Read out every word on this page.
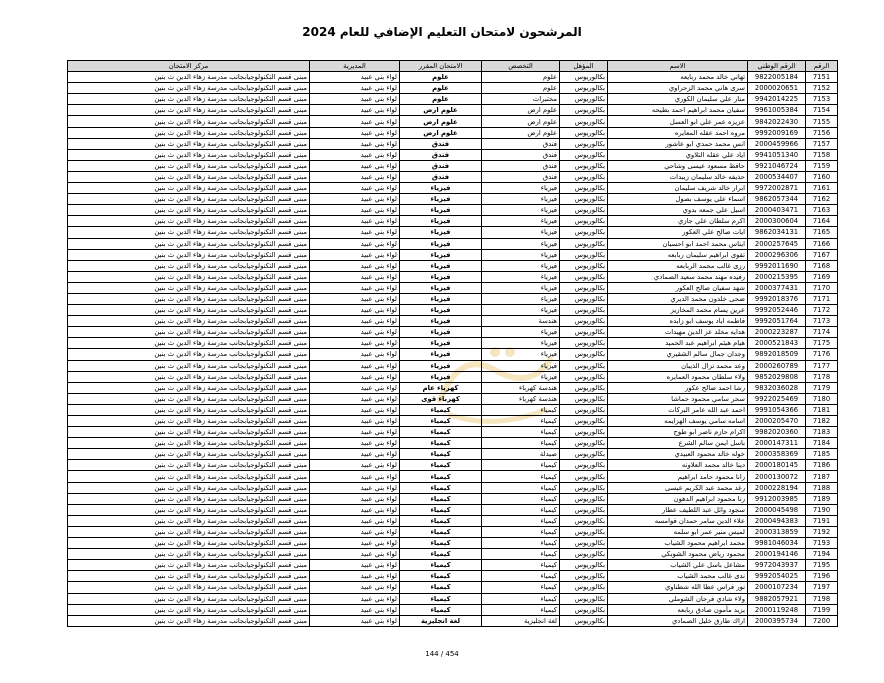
المرشحون لامتحان التعليم الإضافي للعام 2024
الرقم	الرقم الوطني	الاسم	المؤهل	التخصص	الامتحان المقرر	المديرية	مركز الامتحان
7151	9822005184	تهاني خالد محمد ربايعه	بكالوريوس	علوم	علوم	لواء بني عبيد	مبنى قسم التكنولوجيابجانب مدرسة زهاء الدين ث بنين
7152	2000020651	سرى هاني محمد الزحراوي	بكالوريوس	علوم	علوم	لواء بني عبيد	مبنى قسم التكنولوجيابجانب مدرسة زهاء الدين ث بنين
7153	9942014225	منار علي سليمان الكوري	بكالوريوس	مختبرات	علوم	لواء بني عبيد	مبنى قسم التكنولوجيابجانب مدرسة زهاء الدين ث بنين
7154	9961005384	سفيان محمد ابراهيم احمد بطيحه	بكالوريوس	علوم ارض	علوم ارض	لواء بني عبيد	مبنى قسم التكنولوجيابجانب مدرسة زهاء الدين ث بنين
7155	9842022430	عزيزه عمر علي ابو العسل	بكالوريوس	علوم ارض	علوم ارض	لواء بني عبيد	مبنى قسم التكنولوجيابجانب مدرسة زهاء الدين ث بنين
7156	9992009169	مروه احمد عقله المعايره	بكالوريوس	علوم ارض	علوم ارض	لواء بني عبيد	مبنى قسم التكنولوجيابجانب مدرسة زهاء الدين ث بنين
7157	2000459966	انس محمد حمدي ابو عاشور	بكالوريوس	فندق	فندق	لواء بني عبيد	مبنى قسم التكنولوجيابجانب مدرسة زهاء الدين ث بنين
7158	9941051340	اياد علي عقله التلاوي	بكالوريوس	فندق	فندق	لواء بني عبيد	مبنى قسم التكنولوجيابجانب مدرسة زهاء الدين ث بنين
7159	9921046724	حافظ مسعود عيسى وشاحي	بكالوريوس	فندق	فندق	لواء بني عبيد	مبنى قسم التكنولوجيابجانب مدرسة زهاء الدين ث بنين
7160	2000534407	حذيفه خالد سليمان زيبدات	بكالوريوس	فندق	فندق	لواء بني عبيد	مبنى قسم التكنولوجيابجانب مدرسة زهاء الدين ث بنين
7161	9972002871	ابرار خالد شريف سليمان	بكالوريوس	فيزياء	فيزياء	لواء بني عبيد	مبنى قسم التكنولوجيابجانب مدرسة زهاء الدين ث بنين
7162	9862057344	اسماء علي يوسف بصول	بكالوريوس	فيزياء	فيزياء	لواء بني عبيد	مبنى قسم التكنولوجيابجانب مدرسة زهاء الدين ث بنين
7163	2000403471	اسيل علي جمعه بدوي	بكالوريوس	فيزياء	فيزياء	لواء بني عبيد	مبنى قسم التكنولوجيابجانب مدرسة زهاء الدين ث بنين
7164	2000300604	اكرم سلطان علي جازي	بكالوريوس	فيزياء	فيزياء	لواء بني عبيد	مبنى قسم التكنولوجيابجانب مدرسة زهاء الدين ث بنين
7165	9862034131	ايات صالح علي العكور	بكالوريوس	فيزياء	فيزياء	لواء بني عبيد	مبنى قسم التكنولوجيابجانب مدرسة زهاء الدين ث بنين
7166	2000257645	ايناس محمد احمد ابو احسيان	بكالوريوس	فيزياء	فيزياء	لواء بني عبيد	مبنى قسم التكنولوجيابجانب مدرسة زهاء الدين ث بنين
7167	2000296306	تقوى ابراهيم سليمان ربابعه	بكالوريوس	فيزياء	فيزياء	لواء بني عبيد	مبنى قسم التكنولوجيابجانب مدرسة زهاء الدين ث بنين
7168	9992011690	رزى غالب محمد الربابعه	بكالوريوس	فيزياء	فيزياء	لواء بني عبيد	مبنى قسم التكنولوجيابجانب مدرسة زهاء الدين ث بنين
7169	2000215395	رفيده مهند محمد سعيد الصمادي	بكالوريوس	فيزياء	فيزياء	لواء بني عبيد	مبنى قسم التكنولوجيابجانب مدرسة زهاء الدين ث بنين
7170	2000377431	شهد سفيان صالح العكور	بكالوريوس	فيزياء	فيزياء	لواء بني عبيد	مبنى قسم التكنولوجيابجانب مدرسة زهاء الدين ث بنين
7171	9992018376	ضحى خلدون محمد الديري	بكالوريوس	فيزياء	فيزياء	لواء بني عبيد	مبنى قسم التكنولوجيابجانب مدرسة زهاء الدين ث بنين
7172	9992052446	عرين يسام محمد المخازيز	بكالوريوس	فيزياء	فيزياء	لواء بني عبيد	مبنى قسم التكنولوجيابجانب مدرسة زهاء الدين ث بنين
7173	9992051764	فاطمه اياد يوسف ابو زابده	بكالوريوس	هندسة	فيزياء	لواء بني عبيد	مبنى قسم التكنولوجيابجانب مدرسة زهاء الدين ث بنين
7174	2000223287	هدايه مخلد عز الدين مهيدات	بكالوريوس	فيزياء	فيزياء	لواء بني عبيد	مبنى قسم التكنولوجيابجانب مدرسة زهاء الدين ث بنين
7175	2000521843	هيام هيثم ابراهيم عبد الحميد	بكالوريوس	فيزياء	فيزياء	لواء بني عبيد	مبنى قسم التكنولوجيابجانب مدرسة زهاء الدين ث بنين
7176	9892018509	وجدان جمال سالم الشقيري	بكالوريوس	فيزياء	فيزياء	لواء بني عبيد	مبنى قسم التكنولوجيابجانب مدرسة زهاء الدين ث بنين
7177	2000260789	وعد محمد نزال الذيبان	بكالوريوس	فيزياء	فيزياء	لواء بني عبيد	مبنى قسم التكنولوجيابجانب مدرسة زهاء الدين ث بنين
7178	9852029808	ولاء سلطان محمود العمايره	بكالوريوس	فيزياء	فيزياء	لواء بني عبيد	مبنى قسم التكنولوجيابجانب مدرسة زهاء الدين ث بنين
7179	9832036028	رشا احمد صالح عكور	بكالوريوس	هندسة كهرباء	كهرباء عام	لواء بني عبيد	مبنى قسم التكنولوجيابجانب مدرسة زهاء الدين ث بنين
7180	9922025469	سحر سامي محمود حماشا	بكالوريوس	هندسة كهرباء	كهرباء قوى	لواء بني عبيد	مبنى قسم التكنولوجيابجانب مدرسة زهاء الدين ث بنين
7181	9991054366	احمد عبد الله عامر البركات	بكالوريوس	كيمياء	كيمياء	لواء بني عبيد	مبنى قسم التكنولوجيابجانب مدرسة زهاء الدين ث بنين
7182	2000205470	اسامه سامي يوسف الهزايمه	بكالوريوس	كيمياء	كيمياء	لواء بني عبيد	مبنى قسم التكنولوجيابجانب مدرسة زهاء الدين ث بنين
7183	9982020360	اكرام حازم ناصر ابو طوح	بكالوريوس	كيمياء	كيمياء	لواء بني عبيد	مبنى قسم التكنولوجيابجانب مدرسة زهاء الدين ث بنين
7184	2000147311	باسل ايمن سالم الشرع	بكالوريوس	كيمياء	كيمياء	لواء بني عبيد	مبنى قسم التكنولوجيابجانب مدرسة زهاء الدين ث بنين
7185	2000358369	خوله خالد محمود العبيدي	بكالوريوس	صيدلة	كيمياء	لواء بني عبيد	مبنى قسم التكنولوجيابجانب مدرسة زهاء الدين ث بنين
7186	2000180145	دينا خالد محمد العلاونه	بكالوريوس	كيمياء	كيمياء	لواء بني عبيد	مبنى قسم التكنولوجيابجانب مدرسة زهاء الدين ث بنين
7187	2000130072	رانا محمود حامد ابراهيم	بكالوريوس	كيمياء	كيمياء	لواء بني عبيد	مبنى قسم التكنولوجيابجانب مدرسة زهاء الدين ث بنين
7188	2000228194	رغد محمد عبد الكريم عيسى	بكالوريوس	كيمياء	كيمياء	لواء بني عبيد	مبنى قسم التكنولوجيابجانب مدرسة زهاء الدين ث بنين
7189	9912003985	رنا محمود ابراهيم الدهون	بكالوريوس	كيمياء	كيمياء	لواء بني عبيد	مبنى قسم التكنولوجيابجانب مدرسة زهاء الدين ث بنين
7190	2000045498	سجود وائل عبد اللطيف عطار	بكالوريوس	كيمياء	كيمياء	لواء بني عبيد	مبنى قسم التكنولوجيابجانب مدرسة زهاء الدين ث بنين
7191	2000494383	علاء الدين سامر حمدان قوامسه	بكالوريوس	كيمياء	كيمياء	لواء بني عبيد	مبنى قسم التكنولوجيابجانب مدرسة زهاء الدين ث بنين
7192	2000313859	لميس منير عمر ابو سلمه	بكالوريوس	كيمياء	كيمياء	لواء بني عبيد	مبنى قسم التكنولوجيابجانب مدرسة زهاء الدين ث بنين
7193	9981046034	محمد ابراهيم محمود الشياب	بكالوريوس	كيمياء	كيمياء	لواء بني عبيد	مبنى قسم التكنولوجيابجانب مدرسة زهاء الدين ث بنين
7194	2000194146	محمود رياض محمود الشوبكي	بكالوريوس	كيمياء	كيمياء	لواء بني عبيد	مبنى قسم التكنولوجيابجانب مدرسة زهاء الدين ث بنين
7195	9972043937	مشاعل باسل علي الشياب	بكالوريوس	كيمياء	كيمياء	لواء بني عبيد	مبنى قسم التكنولوجيابجانب مدرسة زهاء الدين ث بنين
7196	9992054025	ندى غالب محمد الشياب	بكالوريوس	كيمياء	كيمياء	لواء بني عبيد	مبنى قسم التكنولوجيابجانب مدرسة زهاء الدين ث بنين
7197	2000107234	نور فراس عطا الله شطناوي	بكالوريوس	كيمياء	كيمياء	لواء بني عبيد	مبنى قسم التكنولوجيابجانب مدرسة زهاء الدين ث بنين
7198	9882057921	ولاء شادي فرحان الشوملي	بكالوريوس	كيمياء	كيمياء	لواء بني عبيد	مبنى قسم التكنولوجيابجانب مدرسة زهاء الدين ث بنين
7199	2000119248	يزيد مأمون صادق ربابعه	بكالوريوس	كيمياء	كيمياء	لواء بني عبيد	مبنى قسم التكنولوجيابجانب مدرسة زهاء الدين ث بنين
7200	2000395734	اراك طارق خليل الصمادي	بكالوريوس	لغة انجليزية	لغة انجليزية	لواء بني عبيد	مبنى قسم التكنولوجيابجانب مدرسة زهاء الدين ث بنين
144 / 454
